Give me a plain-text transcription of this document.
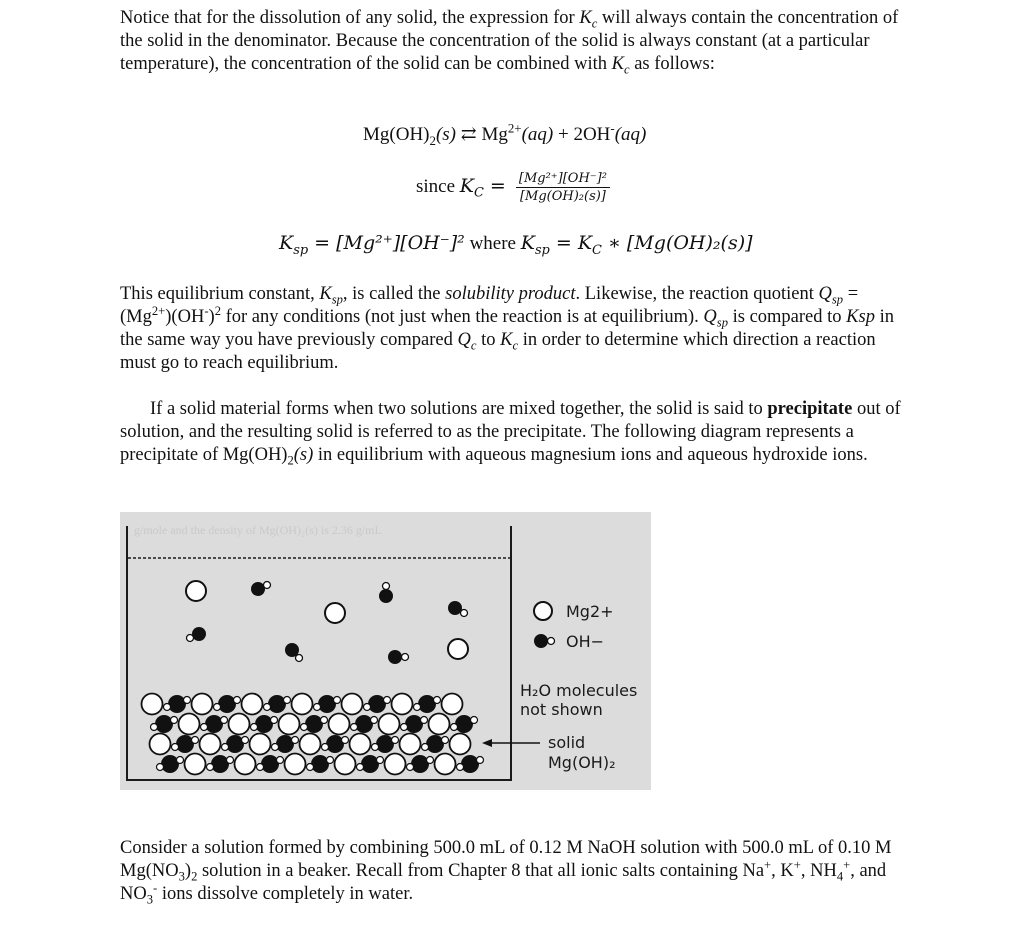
Notice that for the dissolution of any solid, the expression for $K_c$ will always contain the concentration of the solid in the denominator. Because the concentration of the solid is always constant (at a particular temperature), the concentration of the solid can be combined with $K_c$ as follows:

$Mg(OH)_2(s)$ ⇄ $Mg^{2+}(aq) + 2OH^-(aq)$
since $K_C = \frac{\text{[Mg²⁺][OH⁻]²}}{\text{[Mg(OH)₂(s)]}}$
$K_{sp} = [Mg^{2+}][OH^-]^2$ where $K_{sp} = K_C$ ∗ [Mg(OH)₂(s)]

This equilibrium constant, $K_{sp}$, is called the solubility product. Likewise, the reaction quotient $Q_{sp} = (Mg^{2+})(OH^-)^2$ for any conditions (not just when the reaction is at equilibrium). $Q_{sp}$ is compared to Ksp in the same way you have previously compared $Q_c$ to $K_c$ in order to determine which direction a reaction must go to reach equilibrium.

If a solid material forms when two solutions are mixed together, the solid is said to precipitate out of solution, and the resulting solid is referred to as the precipitate. The following diagram represents a precipitate of $Mg(OH)_2(s)$ in equilibrium with aqueous magnesium ions and aqueous hydroxide ions.

g/mole and the density of Mg(OH)₂(s) is 2.36 g/mL
Mg2+
OH−
H₂O molecules
not shown
solid
Mg(OH)₂

Consider a solution formed by combining 500.0 mL of 0.12 M NaOH solution with 500.0 mL of 0.10 M $Mg(NO_3)_2$ solution in a beaker. Recall from Chapter 8 that all ionic salts containing Na+, K+, $NH_4^+$, and $NO_3^-$ ions dissolve completely in water.
